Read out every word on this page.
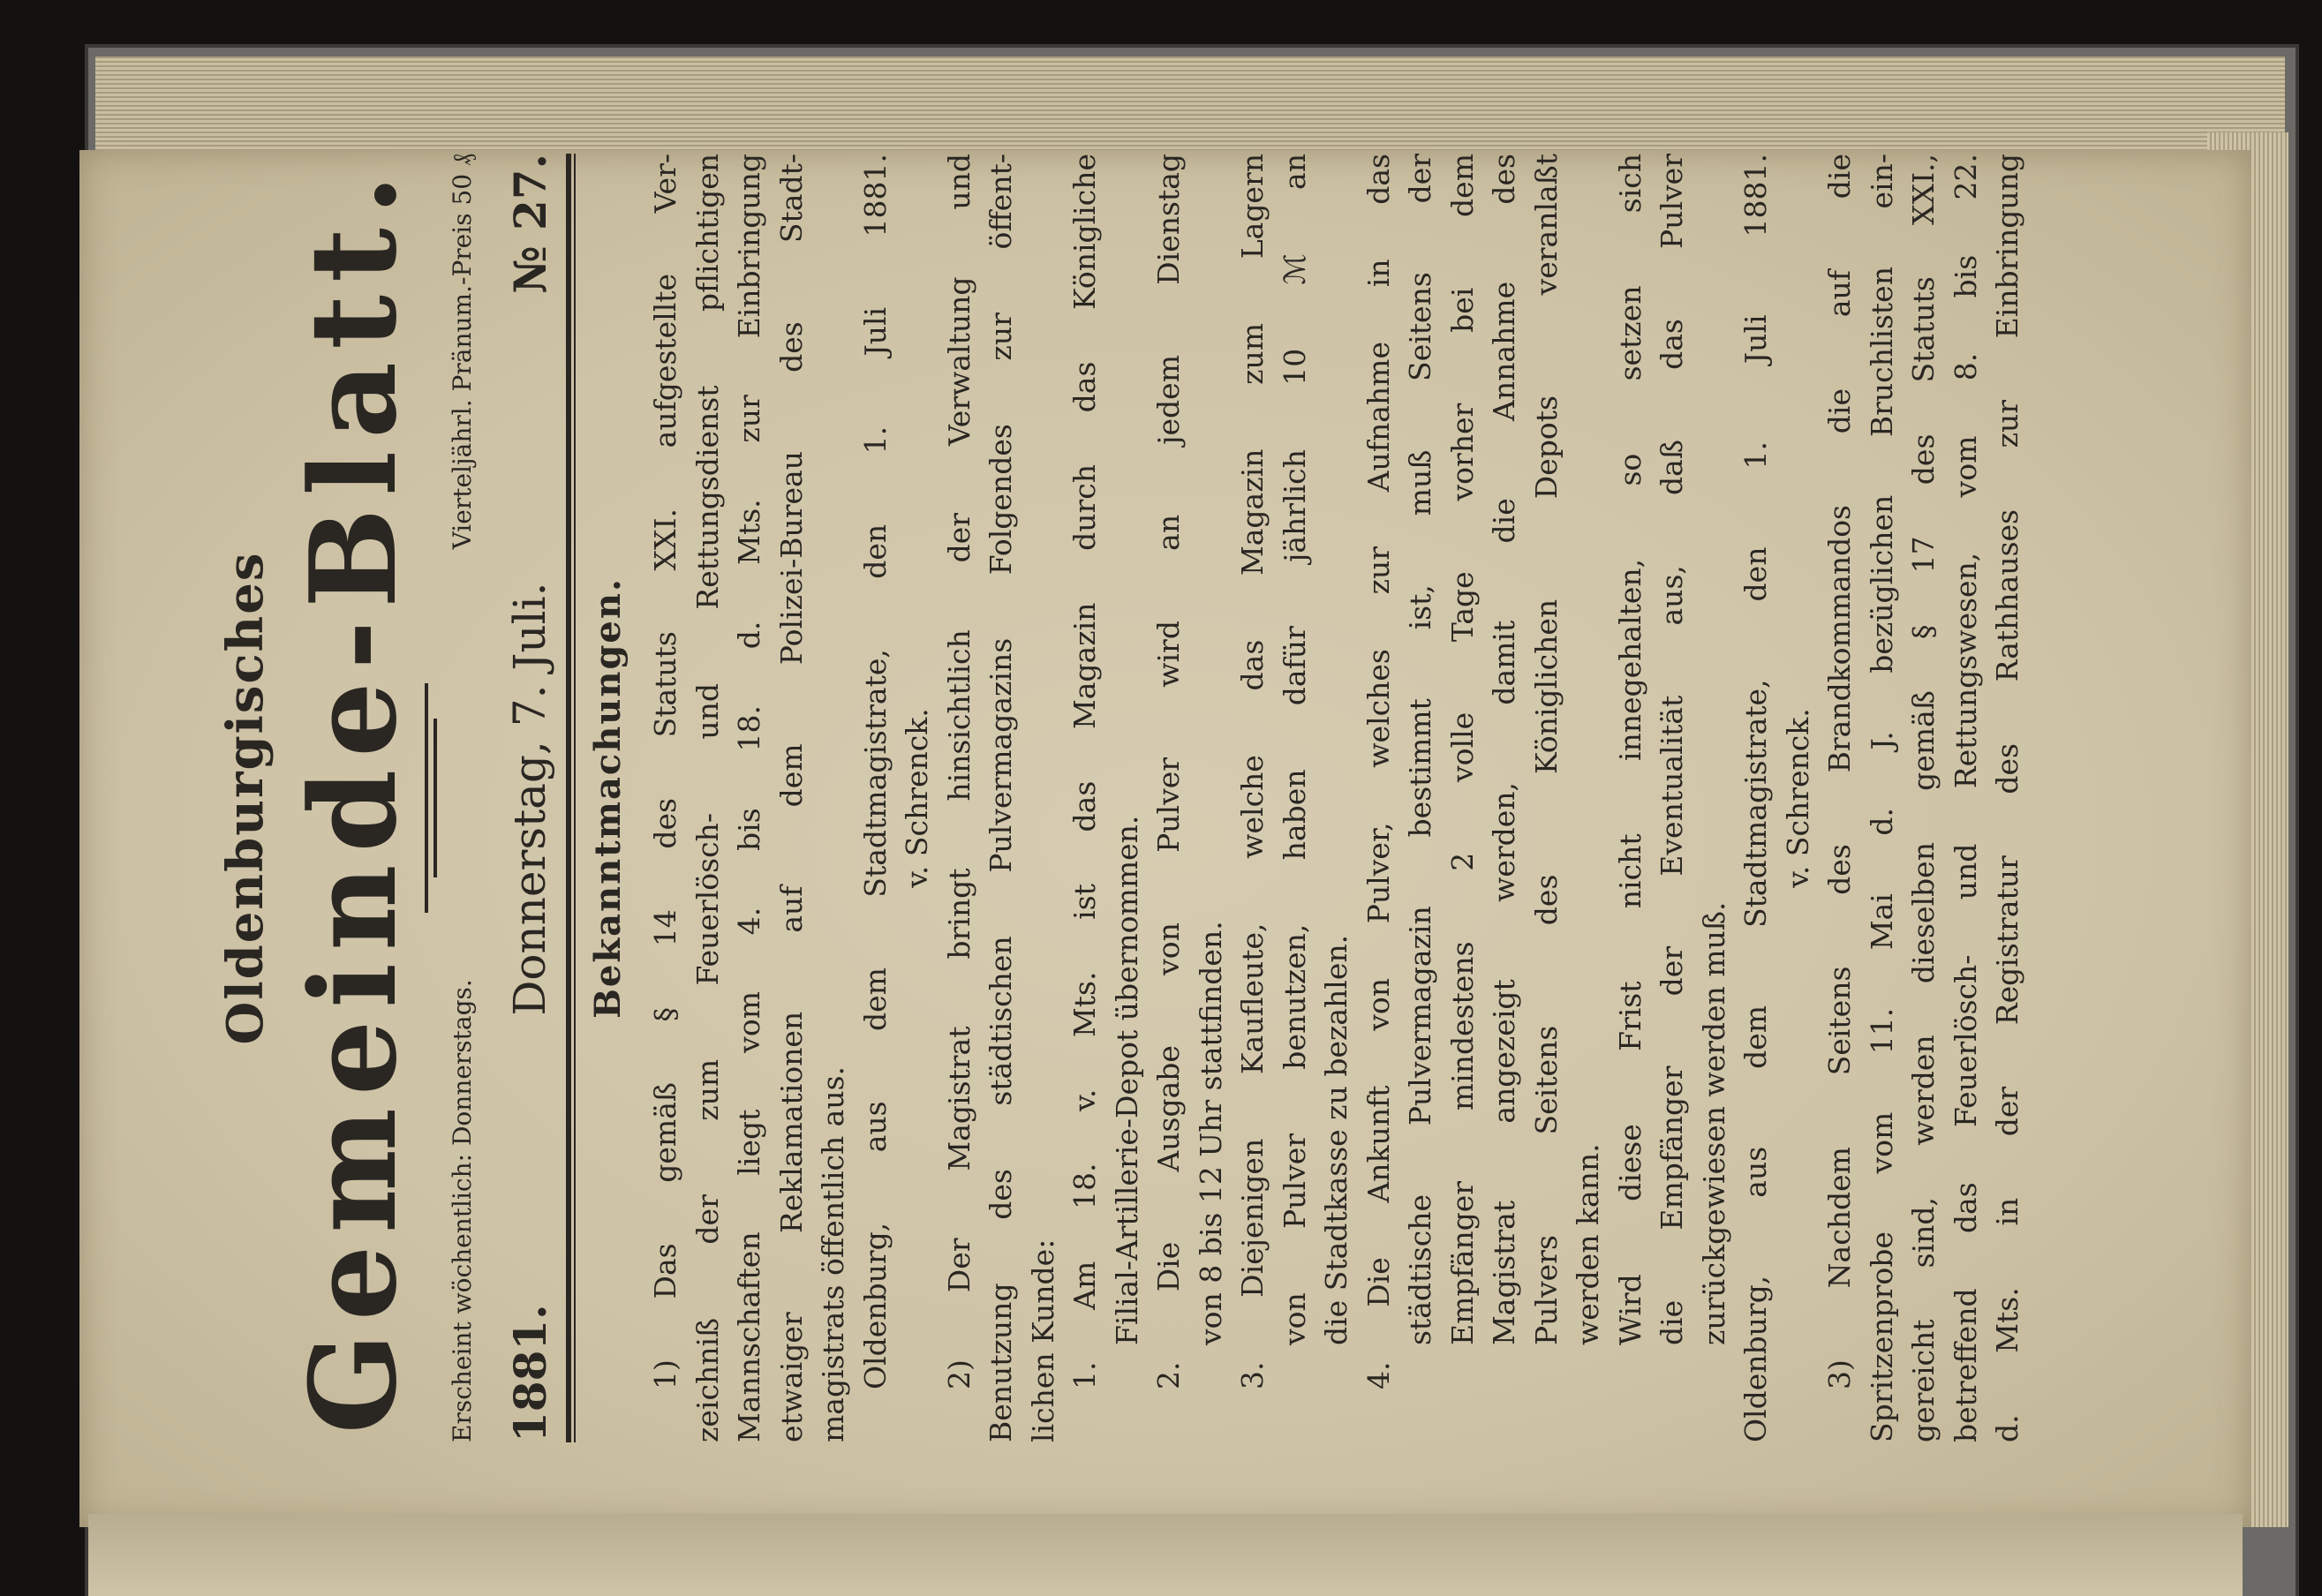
Oldenburgisches Gemeinde-Blatt. Erscheint wöchentlich: Donnerstags.
Vierteljährl. Pränum.-Preis 50 ₰
1881.
Donnerstag, 7. Juli.
№ 27.
Bekanntmachungen. 1) Das gemäß § 14 des Statuts XXI. aufgestellte Ver- zeichniß der zum Feuerlösch- und Rettungsdienst pflichtigen Mannschaften liegt vom 4. bis 18. d. Mts. zur Einbringung etwaiger Reklamationen auf dem Polizei-Bureau des Stadt- magistrats öffentlich aus. Oldenburg, aus dem Stadtmagistrate, den 1. Juli 1881. v. Schrenck. 2) Der Magistrat bringt hinsichtlich der Verwaltung und Benutzung des städtischen Pulvermagazins Folgendes zur öffent- lichen Kunde: 1. Am 18. v. Mts. ist das Magazin durch das Königliche Filial-Artillerie-Depot übernommen. 2. Die Ausgabe von Pulver wird an jedem Dienstag von 8 bis 12 Uhr stattfinden. 3. Diejenigen Kaufleute, welche das Magazin zum Lagern von Pulver benutzen, haben dafür jährlich 10 ℳ an die Stadtkasse zu bezahlen. 4. Die Ankunft von Pulver, welches zur Aufnahme in das städtische Pulvermagazin bestimmt ist, muß Seitens der Empfänger mindestens 2 volle Tage vorher bei dem Magistrat angezeigt werden, damit die Annahme des Pulvers Seitens des Königlichen Depots veranlaßt werden kann. Wird diese Frist nicht innegehalten, so setzen sich die Empfänger der Eventualität aus, daß das Pulver zurückgewiesen werden muß. Oldenburg, aus dem Stadtmagistrate, den 1. Juli 1881. v. Schrenck. 3) Nachdem Seitens des Brandkommandos die auf die Spritzenprobe vom 11. Mai d. J. bezüglichen Bruchlisten ein- gereicht sind, werden dieselben gemäß § 17 des Statuts XXI., betreffend das Feuerlösch- und Rettungswesen, vom 8. bis 22. d. Mts. in der Registratur des Rathhauses zur Einbringung
